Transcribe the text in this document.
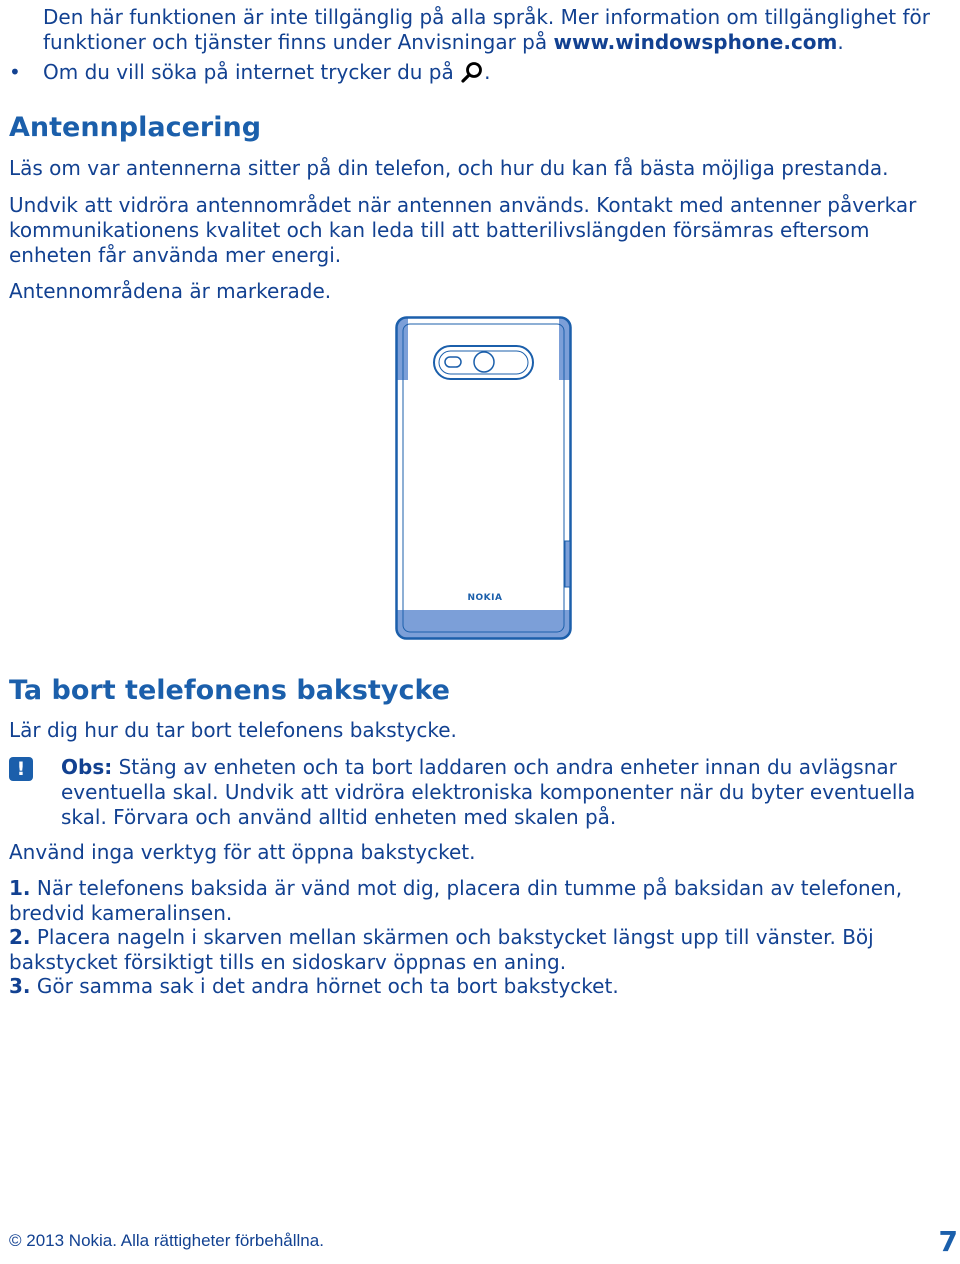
Den här funktionen är inte tillgänglig på alla språk. Mer information om tillgänglighet för funktioner och tjänster finns under Anvisningar på www.windowsphone.com.

• Om du vill söka på internet trycker du på .

Antennplacering

Läs om var antennerna sitter på din telefon, och hur du kan få bästa möjliga prestanda.

Undvik att vidröra antennområdet när antennen används. Kontakt med antenner påverkar kommunikationens kvalitet och kan leda till att batterilivslängden försämras eftersom enheten får använda mer energi.

Antennområdena är markerade.

NOKIA
Ta bort telefonens bakstycke

Lär dig hur du tar bort telefonens bakstycke.

!	Obs: Stäng av enheten och ta bort laddaren och andra enheter innan du avlägsnar eventuella skal. Undvik att vidröra elektroniska komponenter när du byter eventuella skal. Förvara och använd alltid enheten med skalen på.

Använd inga verktyg för att öppna bakstycket.

1. När telefonens baksida är vänd mot dig, placera din tumme på baksidan av telefonen, bredvid kameralinsen.

2. Placera nageln i skarven mellan skärmen och bakstycket längst upp till vänster. Böj bakstycket försiktigt tills en sidoskarv öppnas en aning.

3. Gör samma sak i det andra hörnet och ta bort bakstycket.

© 2013 Nokia. Alla rättigheter förbehållna.	7
